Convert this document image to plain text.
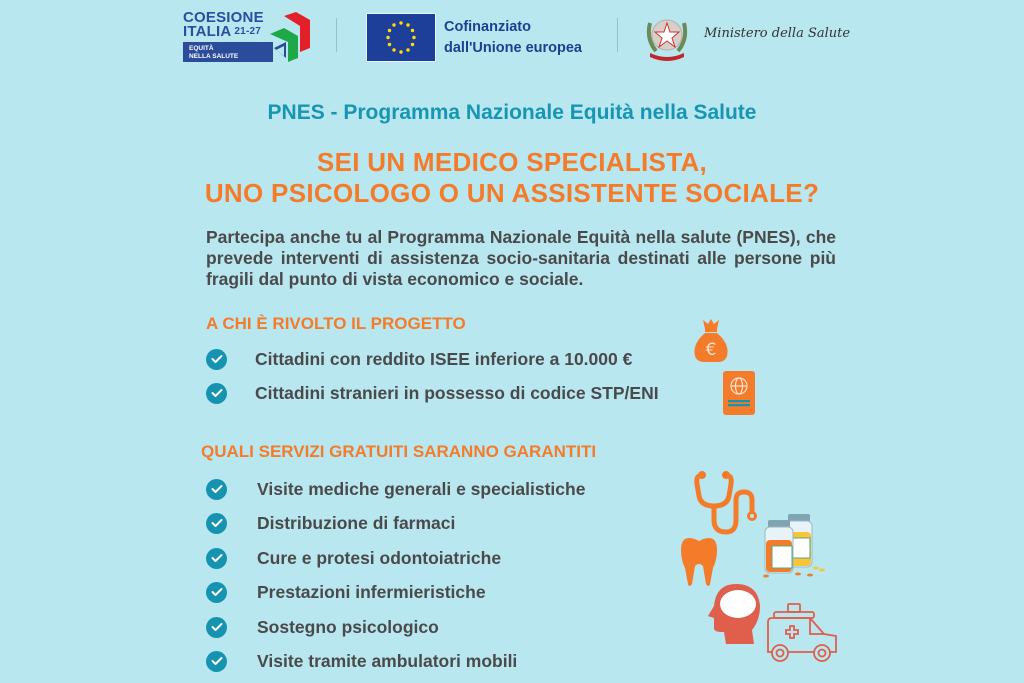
COESIONE
ITALIA $^{21-27}$
EQUITÀ
NELLA SALUTE
Cofinanziato
dall'Unione europea
Ministero della Salute
PNES - Programma Nazionale Equità nella Salute
SEI UN MEDICO SPECIALISTA,
UNO PSICOLOGO O UN ASSISTENTE SOCIALE?
Partecipa anche tu al Programma Nazionale Equità nella salute (PNES), che prevede interventi di assistenza socio-sanitaria destinati alle persone più fragili dal punto di vista economico e sociale.
A CHI È RIVOLTO IL PROGETTO
Cittadini con reddito ISEE inferiore a 10.000 €
Cittadini stranieri in possesso di codice STP/ENI
€
QUALI SERVIZI GRATUITI SARANNO GARANTITI
Visite mediche generali e specialistiche
Distribuzione di farmaci
Cure e protesi odontoiatriche
Prestazioni infermieristiche
Sostegno psicologico
Visite tramite ambulatori mobili
